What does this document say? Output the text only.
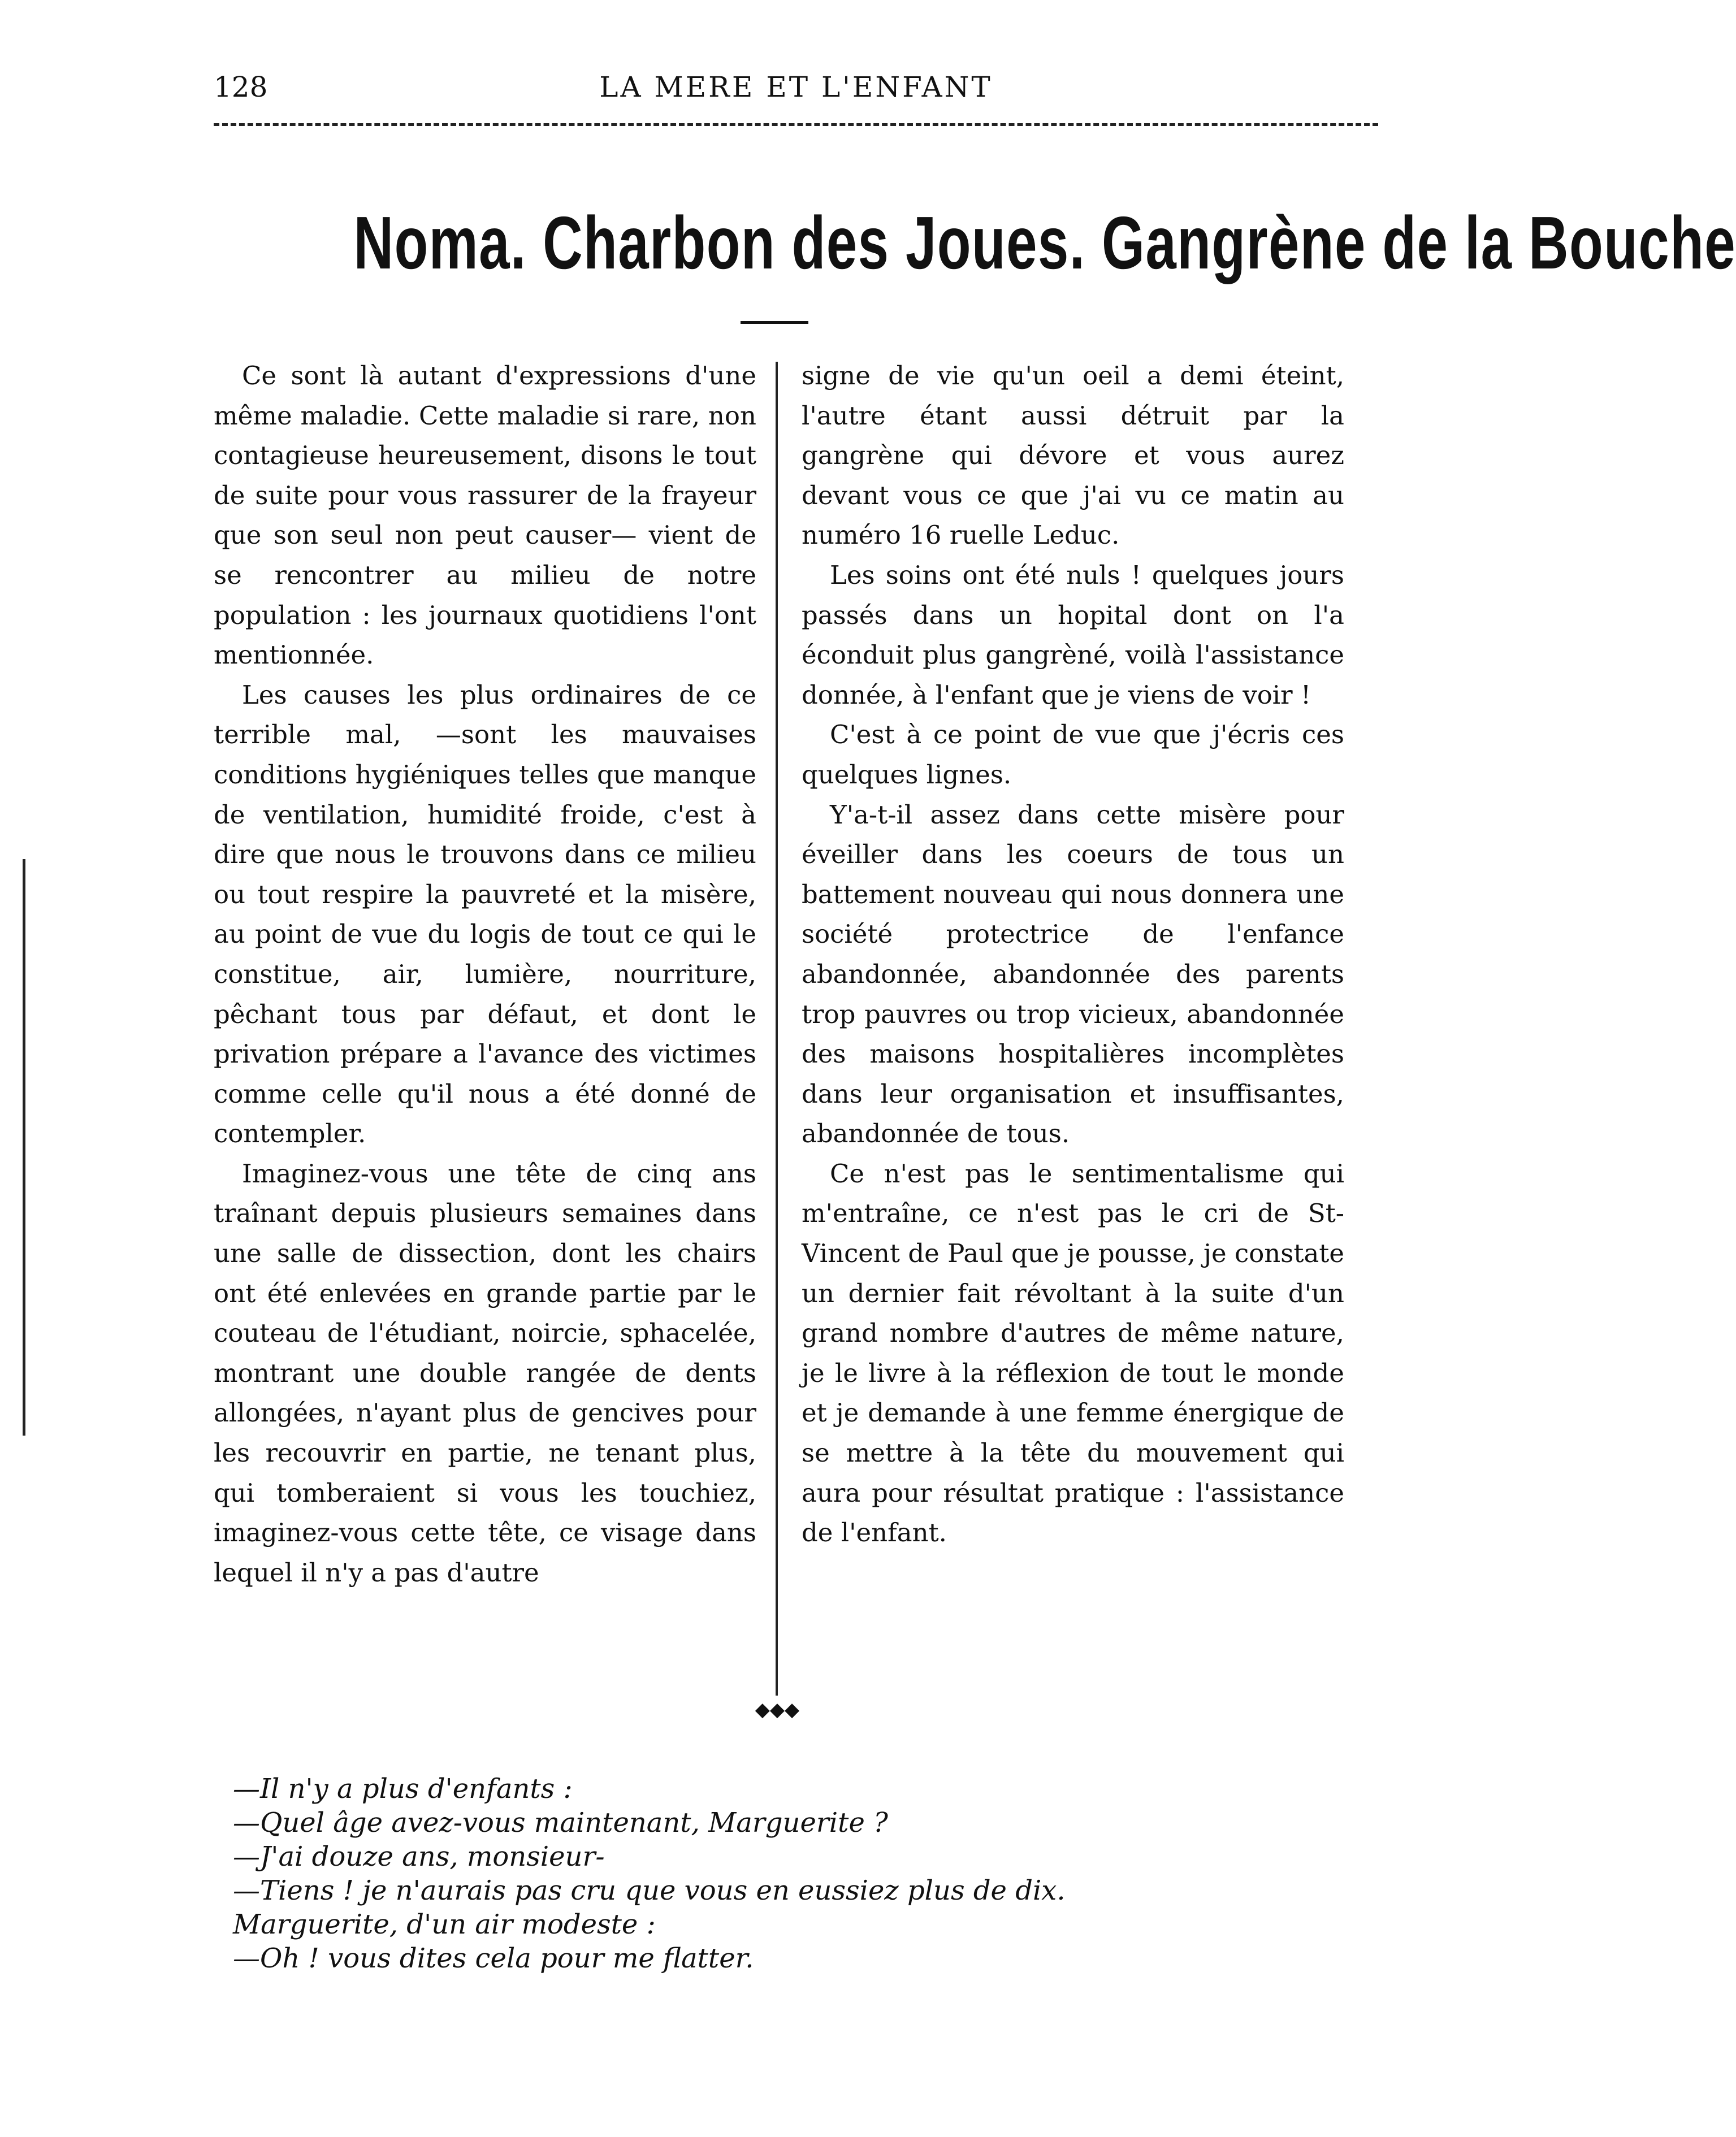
128	LA MERE ET L'ENFANT
Noma. Charbon des Joues. Gangrène de la Bouche

Ce sont là autant d'expressions d'une même maladie. Cette maladie si rare, non contagieuse heureusement, disons le tout de suite pour vous rassurer de la frayeur que son seul non peut causer— vient de se rencontrer au milieu de notre population : les journaux quotidiens l'ont mentionnée.

Les causes les plus ordinaires de ce terrible mal, —sont les mauvaises conditions hygiéniques telles que manque de ventilation, humidité froide, c'est à dire que nous le trouvons dans ce milieu ou tout respire la pauvreté et la misère, au point de vue du logis de tout ce qui le constitue, air, lumière, nourriture, pêchant tous par défaut, et dont le privation prépare a l'avance des victimes comme celle qu'il nous a été donné de contempler.

Imaginez-vous une tête de cinq ans traînant depuis plusieurs semaines dans une salle de dissection, dont les chairs ont été enlevées en grande partie par le couteau de l'étudiant, noircie, sphacelée, montrant une double rangée de dents allongées, n'ayant plus de gencives pour les recouvrir en partie, ne tenant plus, qui tomberaient si vous les touchiez, imaginez-vous cette tête, ce visage dans lequel il n'y a pas d'autre

signe de vie qu'un oeil a demi éteint, l'autre étant aussi détruit par la gangrène qui dévore et vous aurez devant vous ce que j'ai vu ce matin au numéro 16 ruelle Leduc.

Les soins ont été nuls ! quelques jours passés dans un hopital dont on l'a éconduit plus gangrèné, voilà l'assistance donnée, à l'enfant que je viens de voir !

C'est à ce point de vue que j'écris ces quelques lignes.

Y'a-t-il assez dans cette misère pour éveiller dans les coeurs de tous un battement nouveau qui nous donnera une société protectrice de l'enfance abandonnée, abandonnée des parents trop pauvres ou trop vicieux, abandonnée des maisons hospitalières incomplètes dans leur organisation et insuffisantes, abandonnée de tous.

Ce n'est pas le sentimentalisme qui m'entraîne, ce n'est pas le cri de St-Vincent de Paul que je pousse, je constate un dernier fait révoltant à la suite d'un grand nombre d'autres de même nature, je le livre à la réflexion de tout le monde et je demande à une femme énergique de se mettre à la tête du mouvement qui aura pour résultat pratique : l'assistance de l'enfant.

◆◆◆
—Il n'y a plus d'enfants :
—Quel âge avez-vous maintenant, Marguerite ?
—J'ai douze ans, monsieur-
—Tiens ! je n'aurais pas cru que vous en eussiez plus de dix.
Marguerite, d'un air modeste :
—Oh ! vous dites cela pour me flatter.
